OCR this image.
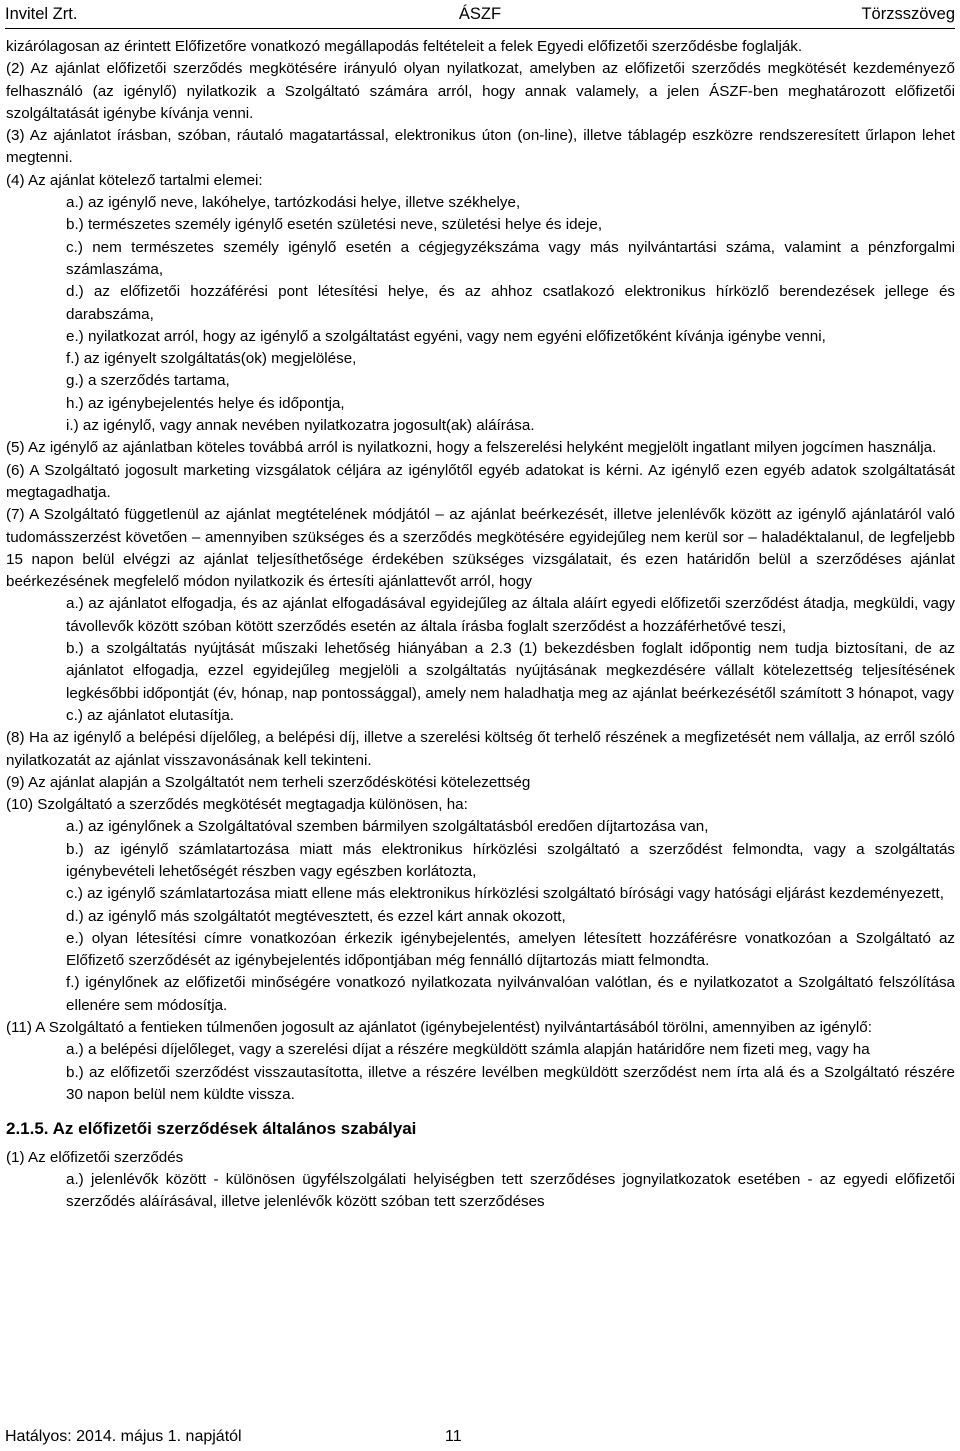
Invitel Zrt.	ÁSZF	Törzsszöveg

kizárólagosan az érintett Előfizetőre vonatkozó megállapodás feltételeit a felek Egyedi előfizetői szerződésbe foglalják.

(2) Az ajánlat előfizetői szerződés megkötésére irányuló olyan nyilatkozat, amelyben az előfizetői szerződés megkötését kezdeményező felhasználó (az igénylő) nyilatkozik a Szolgáltató számára arról, hogy annak valamely, a jelen ÁSZF-ben meghatározott előfizetői szolgáltatását igénybe kívánja venni.

(3) Az ajánlatot írásban, szóban, ráutaló magatartással, elektronikus úton (on-line), illetve táblagép eszközre rendszeresített űrlapon lehet megtenni.

(4) Az ajánlat kötelező tartalmi elemei:

a.) az igénylő neve, lakóhelye, tartózkodási helye, illetve székhelye,

b.) természetes személy igénylő esetén születési neve, születési helye és ideje,

c.) nem természetes személy igénylő esetén a cégjegyzékszáma vagy más nyilvántartási száma, valamint a pénzforgalmi számlaszáma,

d.) az előfizetői hozzáférési pont létesítési helye, és az ahhoz csatlakozó elektronikus hírközlő berendezések jellege és darabszáma,

e.) nyilatkozat arról, hogy az igénylő a szolgáltatást egyéni, vagy nem egyéni előfizetőként kívánja igénybe venni,

f.) az igényelt szolgáltatás(ok) megjelölése,

g.) a szerződés tartama,

h.) az igénybejelentés helye és időpontja,

i.) az igénylő, vagy annak nevében nyilatkozatra jogosult(ak) aláírása.

(5) Az igénylő az ajánlatban köteles továbbá arról is nyilatkozni, hogy a felszerelési helyként megjelölt ingatlant milyen jogcímen használja.

(6) A Szolgáltató jogosult marketing vizsgálatok céljára az igénylőtől egyéb adatokat is kérni. Az igénylő ezen egyéb adatok szolgáltatását megtagadhatja.

(7) A Szolgáltató függetlenül az ajánlat megtételének módjától – az ajánlat beérkezését, illetve jelenlévők között az igénylő ajánlatáról való tudomásszerzést követően – amennyiben szükséges és a szerződés megkötésére egyidejűleg nem kerül sor – haladéktalanul, de legfeljebb 15 napon belül elvégzi az ajánlat teljesíthetősége érdekében szükséges vizsgálatait, és ezen határidőn belül a szerződéses ajánlat beérkezésének megfelelő módon nyilatkozik és értesíti ajánlattevőt arról, hogy

a.) az ajánlatot elfogadja, és az ajánlat elfogadásával egyidejűleg az általa aláírt egyedi előfizetői szerződést átadja, megküldi, vagy távollevők között szóban kötött szerződés esetén az általa írásba foglalt szerződést a hozzáférhetővé teszi,

b.) a szolgáltatás nyújtását műszaki lehetőség hiányában a 2.3 (1) bekezdésben foglalt időpontig nem tudja biztosítani, de az ajánlatot elfogadja, ezzel egyidejűleg megjelöli a szolgáltatás nyújtásának megkezdésére vállalt kötelezettség teljesítésének legkésőbbi időpontját (év, hónap, nap pontossággal), amely nem haladhatja meg az ajánlat beérkezésétől számított 3 hónapot, vagy

c.) az ajánlatot elutasítja.

(8) Ha az igénylő a belépési díjelőleg, a belépési díj, illetve a szerelési költség őt terhelő részének a megfizetését nem vállalja, az erről szóló nyilatkozatát az ajánlat visszavonásának kell tekinteni.

(9) Az ajánlat alapján a Szolgáltatót nem terheli szerződéskötési kötelezettség

(10) Szolgáltató a szerződés megkötését megtagadja különösen, ha:

a.) az igénylőnek a Szolgáltatóval szemben bármilyen szolgáltatásból eredően díjtartozása van,

b.) az igénylő számlatartozása miatt más elektronikus hírközlési szolgáltató a szerződést felmondta, vagy a szolgáltatás igénybevételi lehetőségét részben vagy egészben korlátozta,

c.) az igénylő számlatartozása miatt ellene más elektronikus hírközlési szolgáltató bírósági vagy hatósági eljárást kezdeményezett,

d.) az igénylő más szolgáltatót megtévesztett, és ezzel kárt annak okozott,

e.) olyan létesítési címre vonatkozóan érkezik igénybejelentés, amelyen létesített hozzáférésre vonatkozóan a Szolgáltató az Előfizető szerződését az igénybejelentés időpontjában még fennálló díjtartozás miatt felmondta.

f.) igénylőnek az előfizetői minőségére vonatkozó nyilatkozata nyilvánvalóan valótlan, és e nyilatkozatot a Szolgáltató felszólítása ellenére sem módosítja.

(11) A Szolgáltató a fentieken túlmenően jogosult az ajánlatot (igénybejelentést) nyilvántartásából törölni, amennyiben az igénylő:

a.) a belépési díjelőleget, vagy a szerelési díjat a részére megküldött számla alapján határidőre nem fizeti meg, vagy ha

b.) az előfizetői szerződést visszautasította, illetve a részére levélben megküldött szerződést nem írta alá és a Szolgáltató részére 30 napon belül nem küldte vissza.

2.1.5. Az előfizetői szerződések általános szabályai

(1) Az előfizetői szerződés

a.) jelenlévők között - különösen ügyfélszolgálati helyiségben tett szerződéses jognyilatkozatok esetében - az egyedi előfizetői szerződés aláírásával, illetve jelenlévők között szóban tett szerződéses

Hatályos: 2014. május 1. napjától	11
